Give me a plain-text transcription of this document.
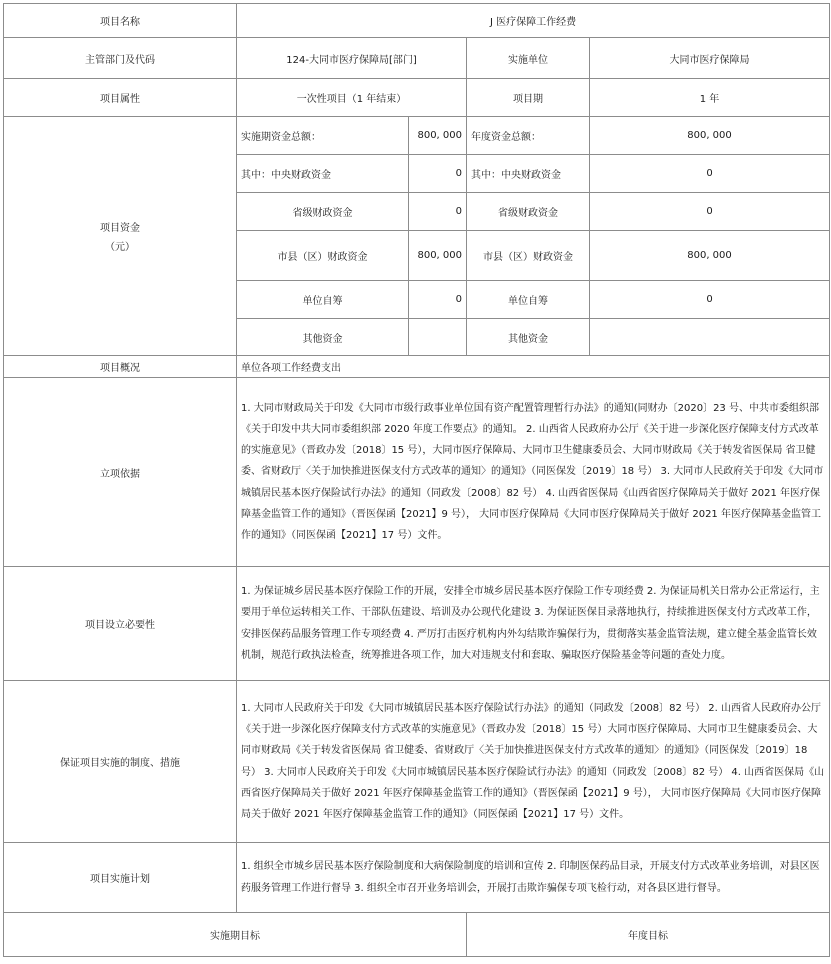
项目名称	J 医疗保障工作经费			
主管部门及代码	124-大同市医疗保障局[部门]		实施单位	大同市医疗保障局
项目属性	一次性项目（1 年结束）		项目期	1 年
项目资金
（元）	实施期资金总额：	800, 000	年度资金总额：	800, 000
	其中：中央财政资金	0	其中：中央财政资金	0
	省级财政资金	0	省级财政资金	0
	市县（区）财政资金	800, 000	市县（区）财政资金	800, 000
	单位自筹	0	单位自筹	0
	其他资金		其他资金	
项目概况	单位各项工作经费支出			
立项依据	1. 大同市财政局关于印发《大同市市级行政事业单位国有资产配置管理暂行办法》的通知(同财办〔2020〕23 号、中共市委组织部《关于印发中共大同市委组织部 2020 年度工作要点》的通知。 2. 山西省人民政府办公厅《关于进一步深化医疗保障支付方式改革的实施意见》（晋政办发〔2018〕15 号），大同市医疗保障局、大同市卫生健康委员会、大同市财政局《关于转发省医保局 省卫健委、省财政厅〈关于加快推进医保支付方式改革的通知〉的通知》（同医保发〔2019〕18 号） 3. 大同市人民政府关于印发《大同市城镇居民基本医疗保险试行办法》的通知（同政发〔2008〕82 号） 4. 山西省医保局《山西省医疗保障局关于做好 2021 年医疗保障基金监管工作的通知》（晋医保函【2021】9 号）， 大同市医疗保障局《大同市医疗保障局关于做好 2021 年医疗保障基金监管工作的通知》（同医保函【2021】17 号）文件。			
项目设立必要性	1. 为保证城乡居民基本医疗保险工作的开展，安排全市城乡居民基本医疗保险工作专项经费 2. 为保证局机关日常办公正常运行，主要用于单位运转相关工作、干部队伍建设、培训及办公现代化建设 3. 为保证医保目录落地执行，持续推进医保支付方式改革工作，安排医保药品服务管理工作专项经费 4. 严厉打击医疗机构内外勾结欺诈骗保行为，贯彻落实基金监管法规，建立健全基金监管长效机制，规范行政执法检查，统筹推进各项工作，加大对违规支付和套取、骗取医疗保险基金等问题的查处力度。			
保证项目实施的制度、措施	1. 大同市人民政府关于印发《大同市城镇居民基本医疗保险试行办法》的通知（同政发〔2008〕82 号） 2. 山西省人民政府办公厅《关于进一步深化医疗保障支付方式改革的实施意见》（晋政办发〔2018〕15 号）大同市医疗保障局、大同市卫生健康委员会、大同市财政局《关于转发省医保局 省卫健委、省财政厅〈关于加快推进医保支付方式改革的通知〉的通知》（同医保发〔2019〕18 号） 3. 大同市人民政府关于印发《大同市城镇居民基本医疗保险试行办法》的通知（同政发〔2008〕82 号） 4. 山西省医保局《山西省医疗保障局关于做好 2021 年医疗保障基金监管工作的通知》（晋医保函【2021】9 号）， 大同市医疗保障局《大同市医疗保障局关于做好 2021 年医疗保障基金监管工作的通知》（同医保函【2021】17 号）文件。			
项目实施计划	1. 组织全市城乡居民基本医疗保险制度和大病保险制度的培训和宣传 2. 印制医保药品目录，开展支付方式改革业务培训，对县区医药服务管理工作进行督导 3. 组织全市召开业务培训会，开展打击欺诈骗保专项飞检行动，对各县区进行督导。			
实施期目标			年度目标	
